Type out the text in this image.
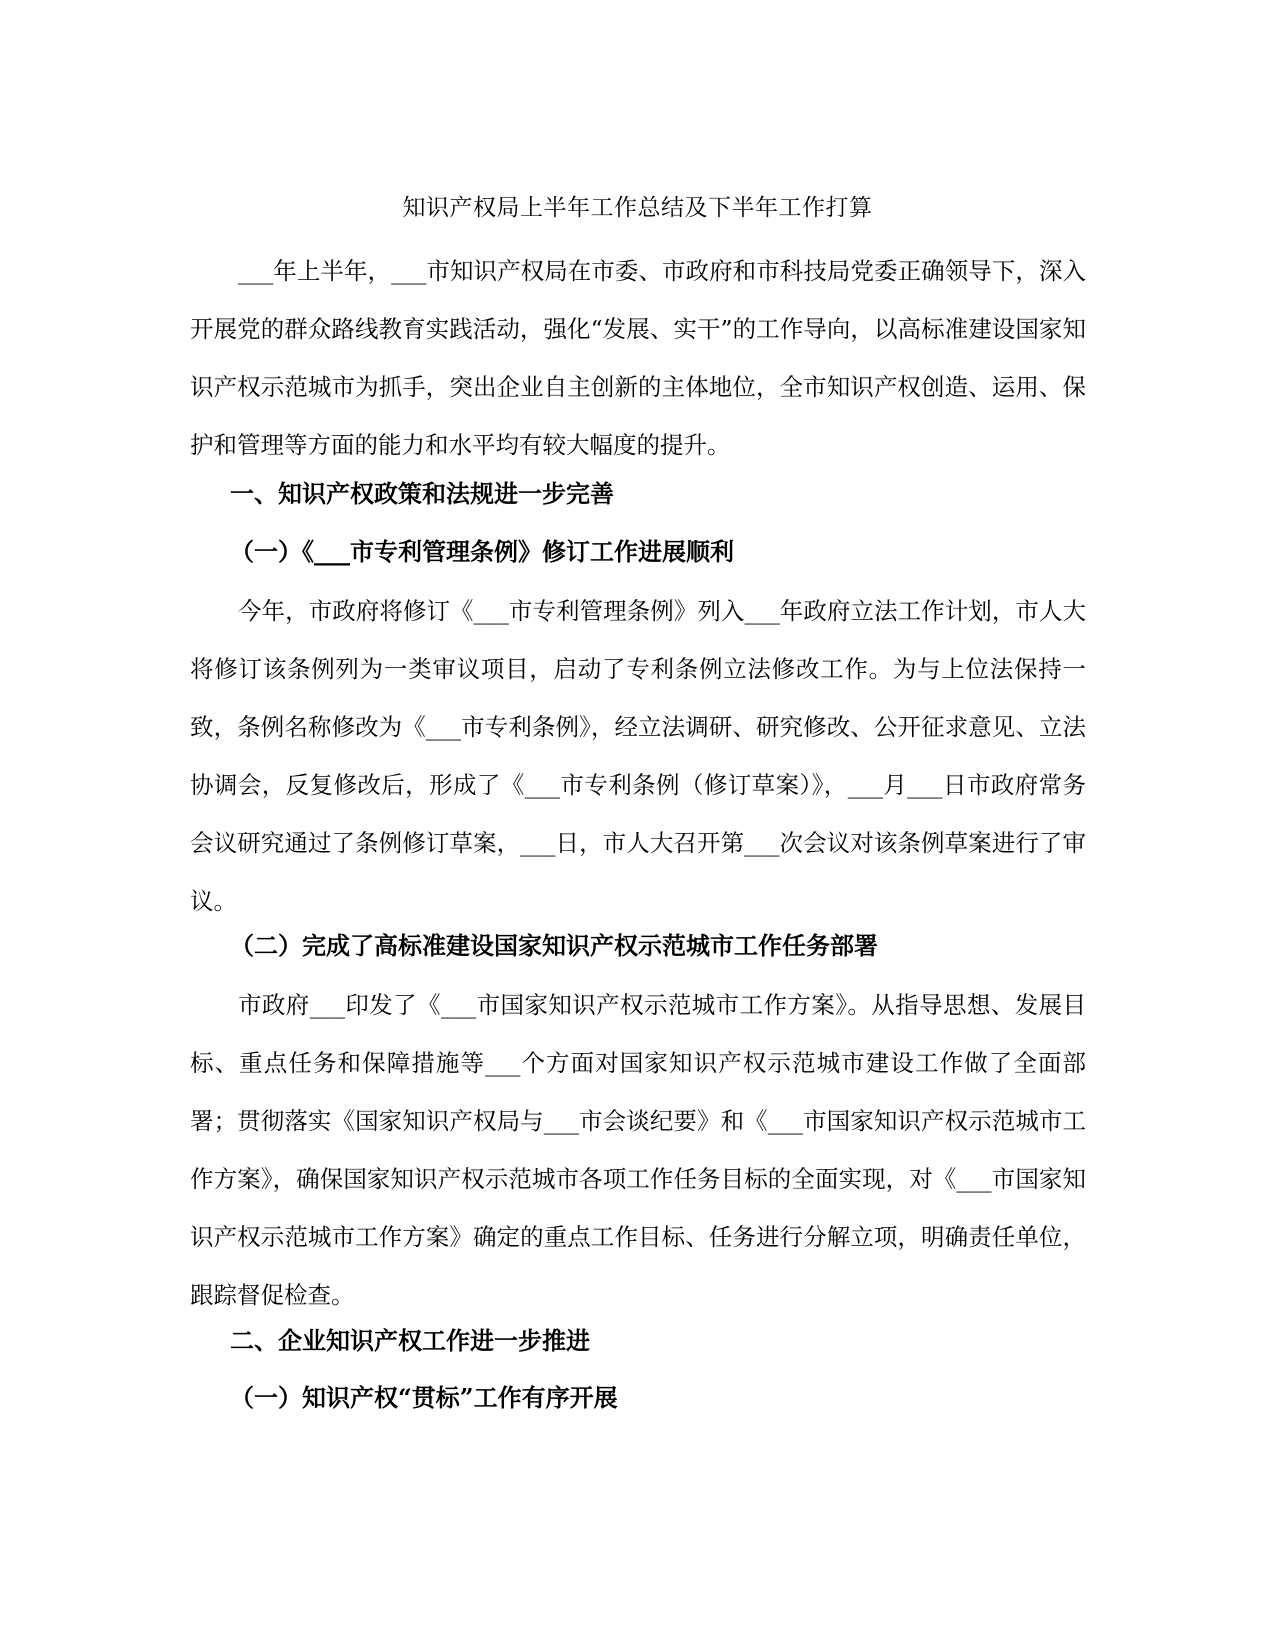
知识产权局上半年工作总结及下半年工作打算

___年上半年，___市知识产权局在市委、市政府和市科技局党委正确领导下，深入开展党的群众路线教育实践活动，强化“发展、实干”的工作导向，以高标准建设国家知识产权示范城市为抓手，突出企业自主创新的主体地位，全市知识产权创造、运用、保护和管理等方面的能力和水平均有较大幅度的提升。

一、知识产权政策和法规进一步完善

（一）《___市专利管理条例》修订工作进展顺利

今年，市政府将修订《___市专利管理条例》列入___年政府立法工作计划，市人大将修订该条例列为一类审议项目，启动了专利条例立法修改工作。为与上位法保持一致，条例名称修改为《___市专利条例》，经立法调研、研究修改、公开征求意见、立法协调会，反复修改后，形成了《___市专利条例（修订草案）》，___月___日市政府常务会议研究通过了条例修订草案，___日，市人大召开第___次会议对该条例草案进行了审议。

（二）完成了高标准建设国家知识产权示范城市工作任务部署

市政府___印发了《___市国家知识产权示范城市工作方案》。从指导思想、发展目标、重点任务和保障措施等___个方面对国家知识产权示范城市建设工作做了全面部署；贯彻落实《国家知识产权局与___市会谈纪要》和《___市国家知识产权示范城市工作方案》，确保国家知识产权示范城市各项工作任务目标的全面实现，对《___市国家知识产权示范城市工作方案》确定的重点工作目标、任务进行分解立项，明确责任单位，跟踪督促检查。

二、企业知识产权工作进一步推进

（一）知识产权“贯标”工作有序开展
